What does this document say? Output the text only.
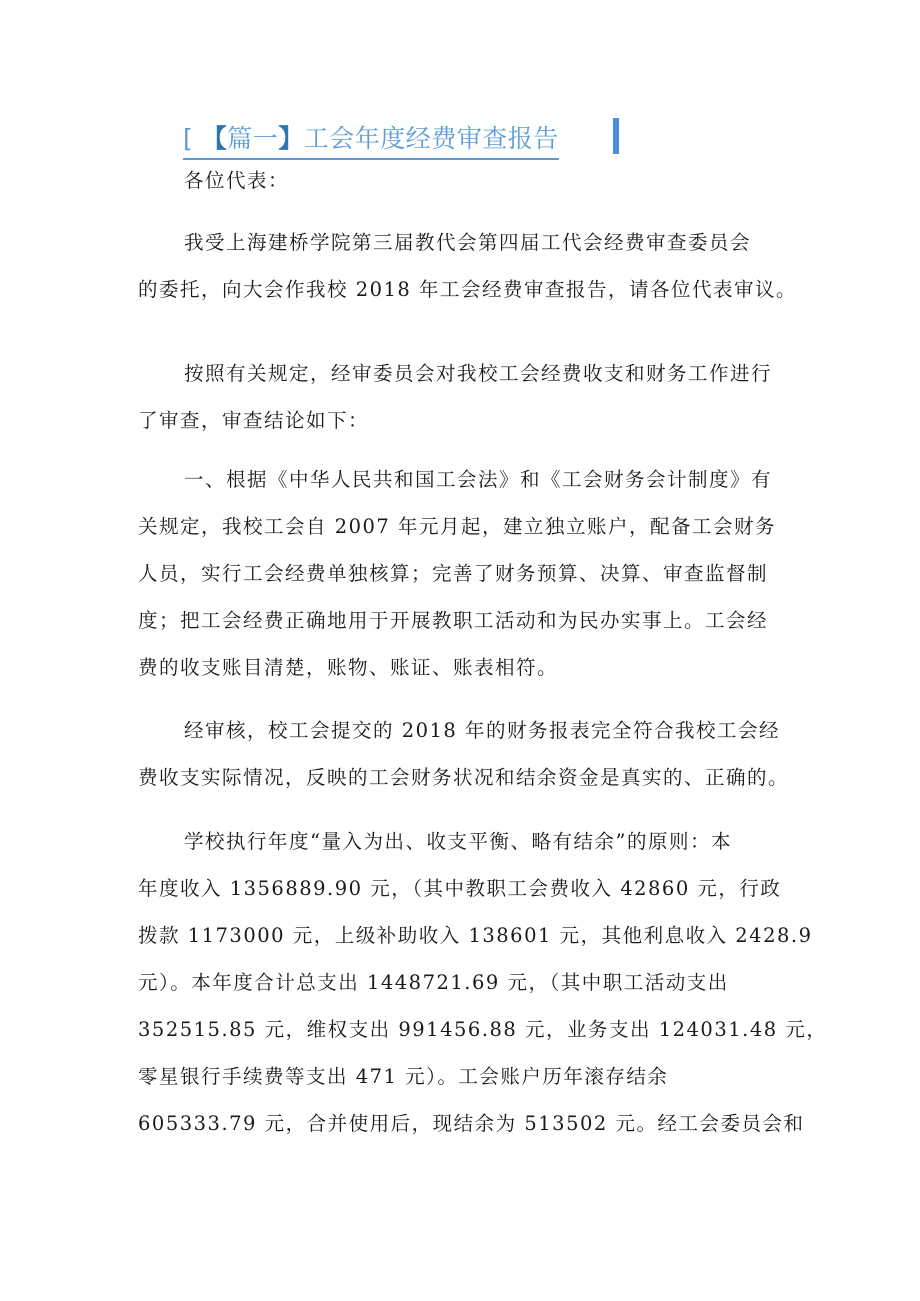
[ 【篇一】工会年度经费审查报告
各位代表：
我受上海建桥学院第三届教代会第四届工代会经费审查委员会
的委托，向大会作我校 2018 年工会经费审查报告，请各位代表审议。
按照有关规定，经审委员会对我校工会经费收支和财务工作进行
了审查，审查结论如下：
一、根据《中华人民共和国工会法》和《工会财务会计制度》有
关规定，我校工会自 2007 年元月起，建立独立账户，配备工会财务
人员，实行工会经费单独核算；完善了财务预算、决算、审查监督制
度；把工会经费正确地用于开展教职工活动和为民办实事上。工会经
费的收支账目清楚，账物、账证、账表相符。
经审核，校工会提交的 2018 年的财务报表完全符合我校工会经
费收支实际情况，反映的工会财务状况和结余资金是真实的、正确的。
学校执行年度“量入为出、收支平衡、略有结余”的原则：本
年度收入 1356889.90 元，（其中教职工会费收入 42860 元，行政
拨款 1173000 元，上级补助收入 138601 元，其他利息收入 2428.9
元）。本年度合计总支出 1448721.69 元，（其中职工活动支出
352515.85 元，维权支出 991456.88 元，业务支出 124031.48 元，
零星银行手续费等支出 471 元）。工会账户历年滚存结余
605333.79 元，合并使用后，现结余为 513502 元。经工会委员会和
